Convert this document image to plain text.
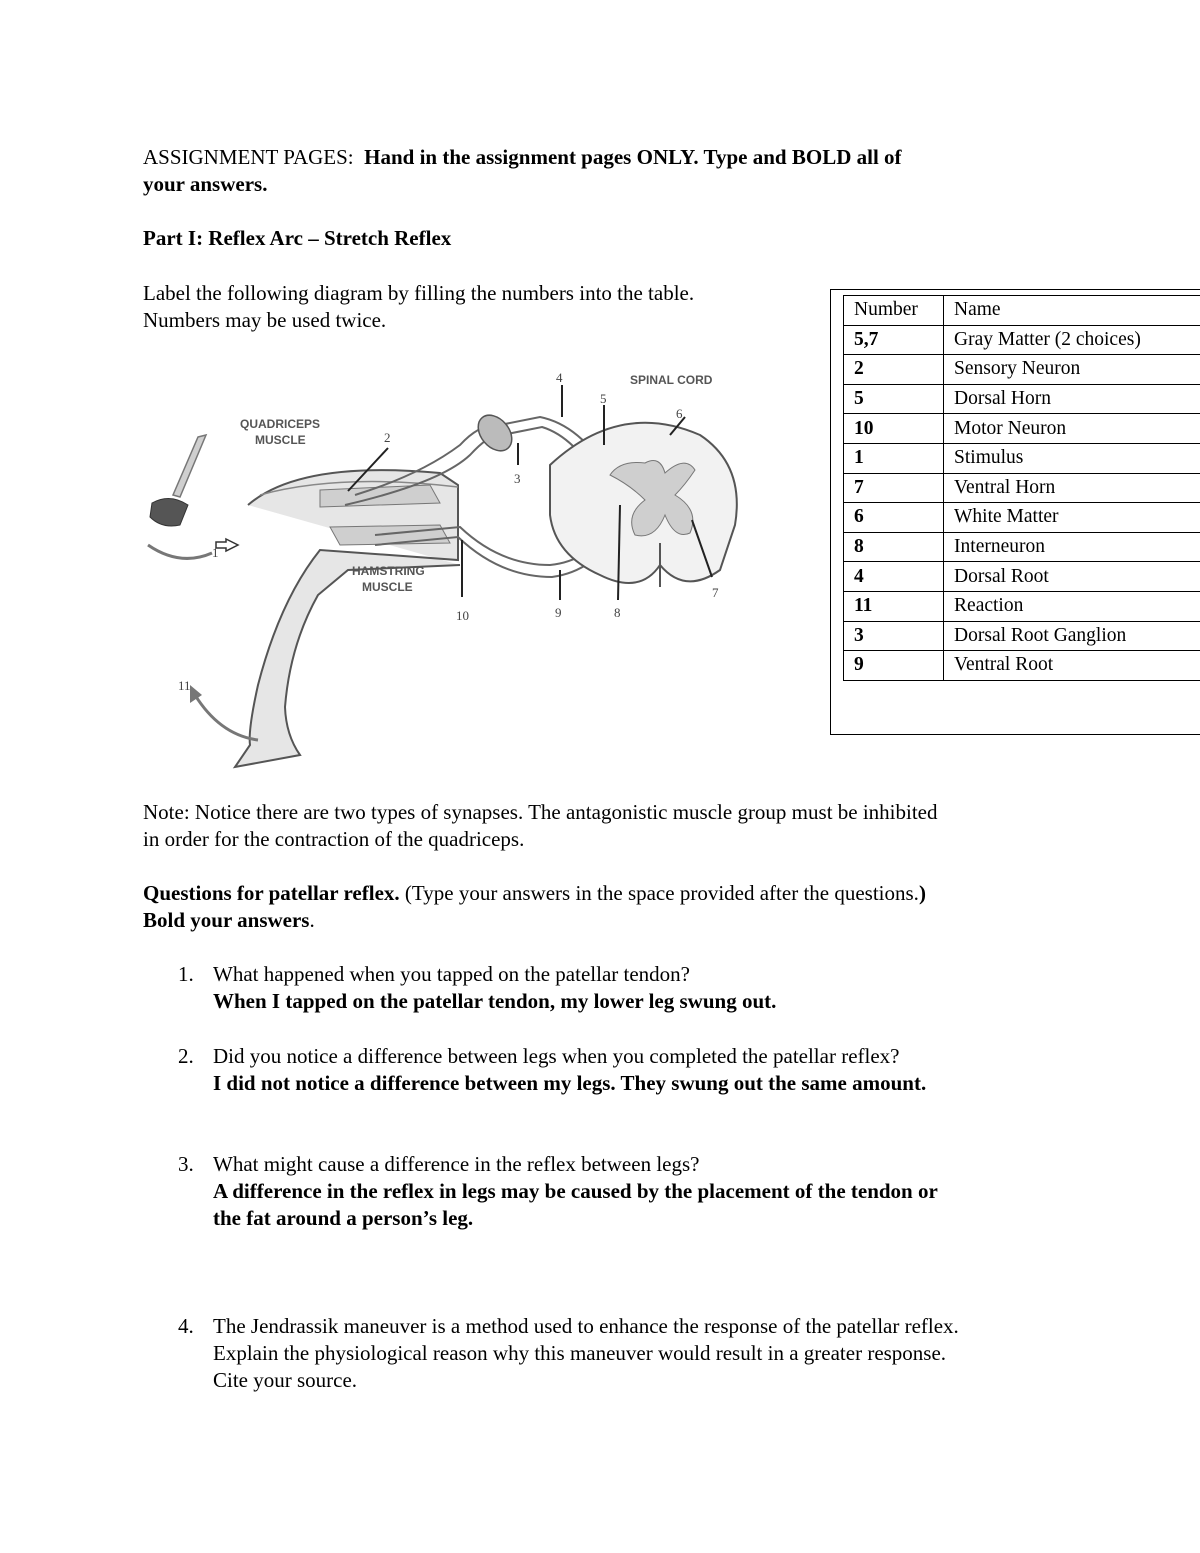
ASSIGNMENT PAGES: Hand in the assignment pages ONLY. Type and BOLD all of
your answers.
Part I: Reflex Arc – Stretch Reflex
Label the following diagram by filling the numbers into the table.
Numbers may be used twice.
SPINAL CORD
QUADRICEPS
MUSCLE
HAMSTRING
MUSCLE
1
2
3
4
5
6
7
8
9
10
11
Number	Name
5,7	Gray Matter (2 choices)
2	Sensory Neuron
5	Dorsal Horn
10	Motor Neuron
1	Stimulus
7	Ventral Horn
6	White Matter
8	Interneuron
4	Dorsal Root
11	Reaction
3	Dorsal Root Ganglion
9	Ventral Root
Note: Notice there are two types of synapses. The antagonistic muscle group must be inhibited
in order for the contraction of the quadriceps.
Questions for patellar reflex. (Type your answers in the space provided after the questions.)
Bold your answers.
1. What happened when you tapped on the patellar tendon?
When I tapped on the patellar tendon, my lower leg swung out.
2. Did you notice a difference between legs when you completed the patellar reflex?
I did not notice a difference between my legs. They swung out the same amount.
3. What might cause a difference in the reflex between legs?
A difference in the reflex in legs may be caused by the placement of the tendon or
the fat around a person’s leg.
4. The Jendrassik maneuver is a method used to enhance the response of the patellar reflex.
Explain the physiological reason why this maneuver would result in a greater response.
Cite your source.
